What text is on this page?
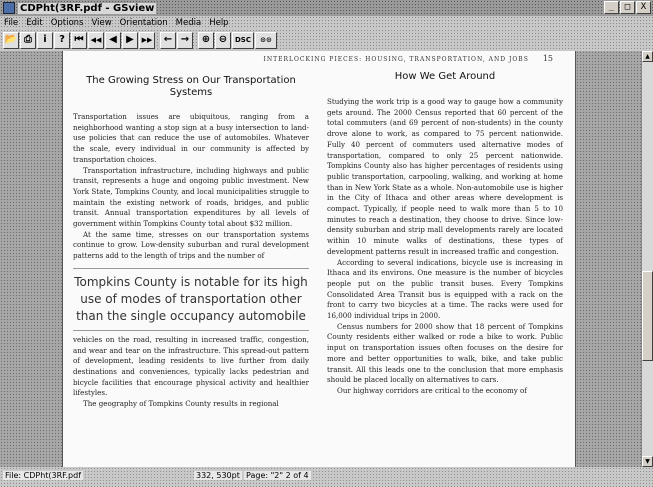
CDPht(3RF.pdf - GSview	_	□	X
File Edit Options View Orientation Media Help
📂 ⎙	i	? ⏮	◀◀ ◀ ▶	▶▶	← →	⊕ ⊖	DSC	⊙⊙
INTERLOCKING PIECES: HOUSING, TRANSPORTATION, AND JOBS 15
The Growing Stress on Our Transportation Systems

Transportation issues are ubiquitous, ranging from a neighborhood wanting a stop sign at a busy intersection to land-use policies that can reduce the use of automobiles. Whatever the scale, every individual in our community is affected by transportation choices.

Transportation infrastructure, including highways and public transit, represents a huge and ongoing public investment. New York State, Tompkins County, and local municipalities struggle to maintain the existing network of roads, bridges, and public transit. Annual transportation expenditures by all levels of government within Tompkins County total about $32 million.

At the same time, stresses on our transportation systems continue to grow. Low-density suburban and rural development patterns add to the length of trips and the number of

Tompkins County is notable for its high use of modes of transportation other than the single occupancy automobile

vehicles on the road, resulting in increased traffic, congestion, and wear and tear on the infrastructure. This spread-out pattern of development, leading residents to live further from daily destinations and conveniences, typically lacks pedestrian and bicycle facilities that encourage physical activity and healthier lifestyles.

The geography of Tompkins County results in regional

How We Get Around

Studying the work trip is a good way to gauge how a community gets around. The 2000 Census reported that 60 percent of the total commuters (and 69 percent of non-students) in the county drove alone to work, as compared to 75 percent nationwide. Fully 40 percent of commuters used alternative modes of transportation, compared to only 25 percent nationwide. Tompkins County also has higher percentages of residents using public transportation, carpooling, walking, and working at home than in New York State as a whole. Non-automobile use is higher in the City of Ithaca and other areas where development is compact. Typically, if people need to walk more than 5 to 10 minutes to reach a destination, they choose to drive. Since low-density suburban and strip mall developments rarely are located within 10 minute walks of destinations, these types of development patterns result in increased traffic and congestion.

According to several indications, bicycle use is increasing in Ithaca and its environs. One measure is the number of bicycles people put on the public transit buses. Every Tompkins Consolidated Area Transit bus is equipped with a rack on the front to carry two bicycles at a time. The racks were used for 16,000 individual trips in 2000.

Census numbers for 2000 show that 18 percent of Tompkins County residents either walked or rode a bike to work. Public input on transportation issues often focuses on the desire for more and better opportunities to walk, bike, and take public transit. All this leads one to the conclusion that more emphasis should be placed locally on alternatives to cars.

Our highway corridors are critical to the economy of

▲
▼
File: CDPht(3RF.pdf	332, 530pt Page: "2" 2 of 4
